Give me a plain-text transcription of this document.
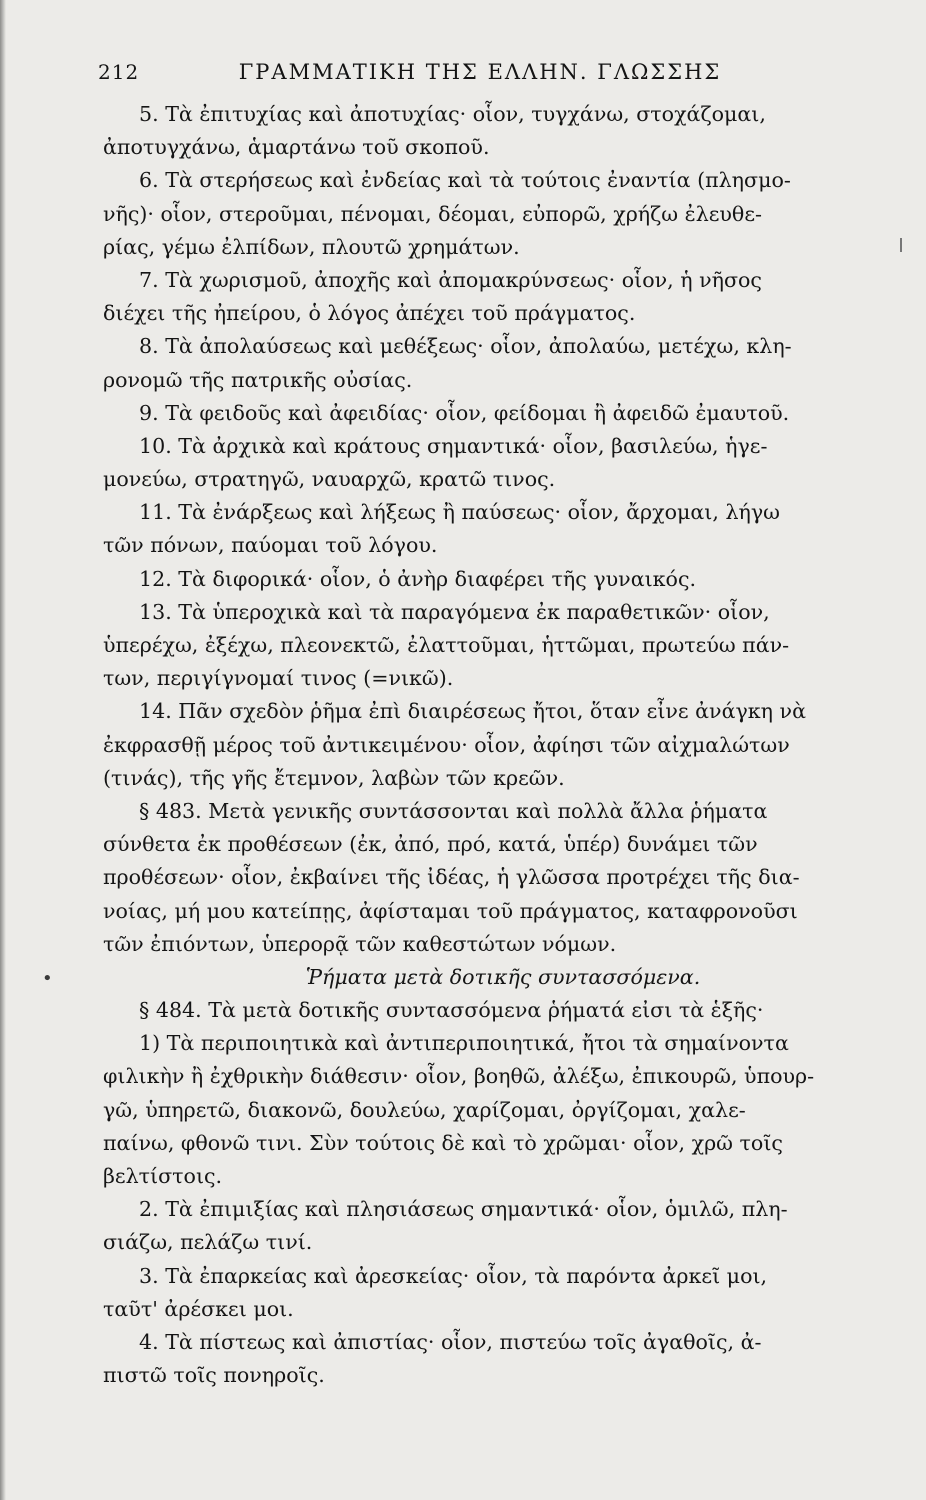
•
212	ΓΡΑΜΜΑΤΙΚΗ ΤΗΣ ΕΛΛΗΝ. ΓΛΩΣΣΗΣ
5. Τὰ ἐπιτυχίας καὶ ἀποτυχίας· οἷον, τυγχάνω, στοχάζομαι,
ἀποτυγχάνω, ἁμαρτάνω τοῦ σκοποῦ.
6. Τὰ στερήσεως καὶ ἐνδείας καὶ τὰ τούτοις ἐναντία (πλησμο-
νῆς)· οἷον, στεροῦμαι, πένομαι, δέομαι, εὐπορῶ, χρήζω ἐλευθε-
ρίας, γέμω ἐλπίδων, πλουτῶ χρημάτων.
7. Τὰ χωρισμοῦ, ἀποχῆς καὶ ἀπομακρύνσεως· οἷον, ἡ νῆσος
διέχει τῆς ἠπείρου, ὁ λόγος ἀπέχει τοῦ πράγματος.
8. Τὰ ἀπολαύσεως καὶ μεθέξεως· οἷον, ἀπολαύω, μετέχω, κλη-
ρονομῶ τῆς πατρικῆς οὐσίας.
9. Τὰ φειδοῦς καὶ ἀφειδίας· οἷον, φείδομαι ἢ ἀφειδῶ ἐμαυτοῦ.
10. Τὰ ἀρχικὰ καὶ κράτους σημαντικά· οἷον, βασιλεύω, ἡγε-
μονεύω, στρατηγῶ, ναυαρχῶ, κρατῶ τινος.
11. Τὰ ἐνάρξεως καὶ λήξεως ἢ παύσεως· οἷον, ἄρχομαι, λήγω
τῶν πόνων, παύομαι τοῦ λόγου.
12. Τὰ διφορικά· οἷον, ὁ ἀνὴρ διαφέρει τῆς γυναικός.
13. Τὰ ὑπεροχικὰ καὶ τὰ παραγόμενα ἐκ παραθετικῶν· οἷον,
ὑπερέχω, ἐξέχω, πλεονεκτῶ, ἐλαττοῦμαι, ἡττῶμαι, πρωτεύω πάν-
των, περιγίγνομαί τινος (=νικῶ).
14. Πᾶν σχεδὸν ῥῆμα ἐπὶ διαιρέσεως ἤτοι, ὅταν εἶνε ἀνάγκη νὰ
ἐκφρασθῇ μέρος τοῦ ἀντικειμένου· οἷον, ἀφίησι τῶν αἰχμαλώτων
(τινάς), τῆς γῆς ἔτεμνον, λαβὼν τῶν κρεῶν.
§ 483. Μετὰ γενικῆς συντάσσονται καὶ πολλὰ ἄλλα ῥήματα
σύνθετα ἐκ προθέσεων (ἐκ, ἀπό, πρό, κατά, ὑπέρ) δυνάμει τῶν
προθέσεων· οἷον, ἐκβαίνει τῆς ἰδέας, ἡ γλῶσσα προτρέχει τῆς δια-
νοίας, μή μου κατείπῃς, ἀφίσταμαι τοῦ πράγματος, καταφρονοῦσι
τῶν ἐπιόντων, ὑπερορᾷ τῶν καθεστώτων νόμων.
Ῥήματα μετὰ δοτικῆς συντασσόμενα.
§ 484. Τὰ μετὰ δοτικῆς συντασσόμενα ῥήματά εἰσι τὰ ἑξῆς·
1) Τὰ περιποιητικὰ καὶ ἀντιπεριποιητικά, ἤτοι τὰ σημαίνοντα
φιλικὴν ἢ ἐχθρικὴν διάθεσιν· οἷον, βοηθῶ, ἀλέξω, ἐπικουρῶ, ὑπουρ-
γῶ, ὑπηρετῶ, διακονῶ, δουλεύω, χαρίζομαι, ὀργίζομαι, χαλε-
παίνω, φθονῶ τινι. Σὺν τούτοις δὲ καὶ τὸ χρῶμαι· οἷον, χρῶ τοῖς
βελτίστοις.
2. Τὰ ἐπιμιξίας καὶ πλησιάσεως σημαντικά· οἷον, ὁμιλῶ, πλη-
σιάζω, πελάζω τινί.
3. Τὰ ἐπαρκείας καὶ ἀρεσκείας· οἷον, τὰ παρόντα ἀρκεῖ μοι,
ταῦτ' ἀρέσκει μοι.
4. Τὰ πίστεως καὶ ἀπιστίας· οἷον, πιστεύω τοῖς ἀγαθοῖς, ἀ-
πιστῶ τοῖς πονηροῖς.
